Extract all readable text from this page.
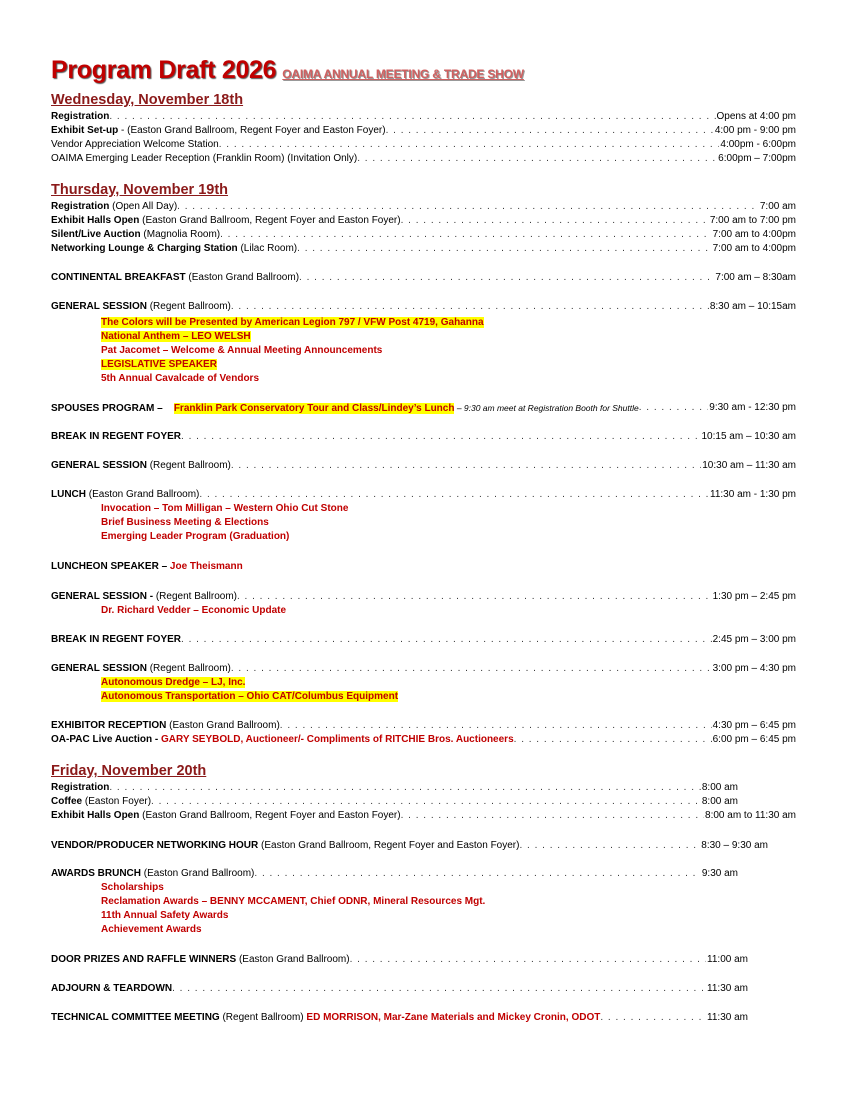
Program Draft 2026 OAIMA ANNUAL MEETING & TRADE SHOW
Wednesday, November 18th
Registration . . .	Opens at 4:00 pm
Exhibit Set-up - (Easton Grand Ballroom, Regent Foyer and Easton Foyer) . . .	4:00 pm - 9:00 pm
Vendor Appreciation Welcome Station . . .	4:00pm - 6:00pm
OAIMA Emerging Leader Reception (Franklin Room) (Invitation Only) . . .	6:00pm – 7:00pm
Thursday, November 19th
Registration (Open All Day) . . .	7:00 am
Exhibit Halls Open (Easton Grand Ballroom, Regent Foyer and Easton Foyer) . . .	7:00 am to 7:00 pm
Silent/Live Auction (Magnolia Room) . . .	7:00 am to 4:00pm
Networking Lounge & Charging Station (Lilac Room) . . .	7:00 am to 4:00pm
CONTINENTAL BREAKFAST (Easton Grand Ballroom) . . .	7:00 am – 8:30am
GENERAL SESSION (Regent Ballroom) . . .	8:30 am – 10:15am
The Colors will be Presented by American Legion 797 / VFW Post 4719, Gahanna
National Anthem – LEO WELSH
Pat Jacomet – Welcome & Annual Meeting Announcements
LEGISLATIVE SPEAKER
5th Annual Cavalcade of Vendors
SPOUSES PROGRAM – Franklin Park Conservatory Tour and Class/Lindey’s Lunch – 9:30 am meet at Registration Booth for Shuttle . . .	9:30 am - 12:30 pm
BREAK IN REGENT FOYER . . .	10:15 am – 10:30 am
GENERAL SESSION (Regent Ballroom) . . .	10:30 am – 11:30 am
LUNCH (Easton Grand Ballroom) . . .	11:30 am - 1:30 pm
Invocation – Tom Milligan – Western Ohio Cut Stone
Brief Business Meeting & Elections
Emerging Leader Program (Graduation)
LUNCHEON SPEAKER – Joe Theismann
GENERAL SESSION - (Regent Ballroom) . . .	1:30 pm – 2:45 pm
Dr. Richard Vedder – Economic Update
BREAK IN REGENT FOYER . . .	2:45 pm – 3:00 pm
GENERAL SESSION (Regent Ballroom) . . .	3:00 pm – 4:30 pm
Autonomous Dredge – LJ, Inc.
Autonomous Transportation – Ohio CAT/Columbus Equipment
EXHIBITOR RECEPTION (Easton Grand Ballroom) . . .	4:30 pm – 6:45 pm
OA-PAC Live Auction - GARY SEYBOLD, Auctioneer/- Compliments of RITCHIE Bros. Auctioneers . . .	6:00 pm – 6:45 pm
Friday, November 20th
Registration . . .	8:00 am
Coffee (Easton Foyer) . . .	8:00 am
Exhibit Halls Open (Easton Grand Ballroom, Regent Foyer and Easton Foyer) . . .	8:00 am to 11:30 am
VENDOR/PRODUCER NETWORKING HOUR (Easton Grand Ballroom, Regent Foyer and Easton Foyer) . . .	8:30 – 9:30 am
AWARDS BRUNCH (Easton Grand Ballroom) . . .	9:30 am
Scholarships
Reclamation Awards – BENNY MCCAMENT, Chief ODNR, Mineral Resources Mgt.
11th Annual Safety Awards
Achievement Awards
DOOR PRIZES AND RAFFLE WINNERS (Easton Grand Ballroom) . . .	11:00 am
ADJOURN & TEARDOWN . . .	11:30 am
TECHNICAL COMMITTEE MEETING (Regent Ballroom) ED MORRISON, Mar-Zane Materials and Mickey Cronin, ODOT . . .	11:30 am
